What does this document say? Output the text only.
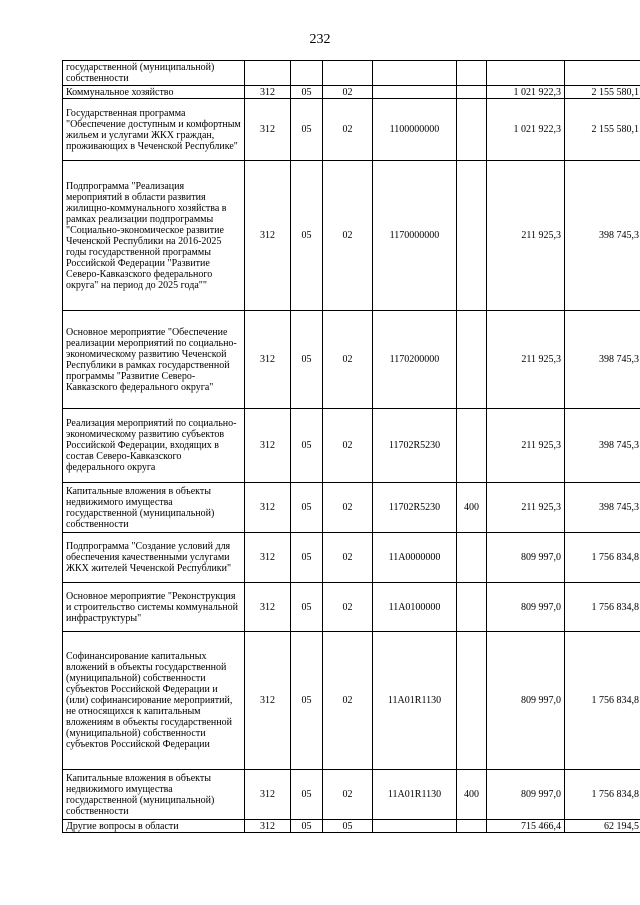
232
государственной (муниципальной) собственности							
Коммунальное хозяйство	312	05	02			1 021 922,3	2 155 580,1
Государственная программа "Обеспечение доступным и комфортным жильем и услугами ЖКХ граждан, проживающих в Чеченской Республике"	312	05	02	1100000000		1 021 922,3	2 155 580,1
Подпрограмма "Реализация мероприятий в области развития жилищно-коммунального хозяйства в рамках реализации подпрограммы "Социально-экономическое развитие Чеченской Республики на 2016-2025 годы государственной программы Российской Федерации "Развитие Северо-Кавказского федерального округа" на период до 2025 года""	312	05	02	1170000000		211 925,3	398 745,3
Основное мероприятие "Обеспечение реализации мероприятий по социально-экономическому развитию Чеченской Республики в рамках государственной программы "Развитие Северо-Кавказского федерального округа"	312	05	02	1170200000		211 925,3	398 745,3
Реализация мероприятий по социально-экономическому развитию субъектов Российской Федерации, входящих в состав Северо-Кавказского федерального округа	312	05	02	11702R5230		211 925,3	398 745,3
Капитальные вложения в объекты недвижимого имущества государственной (муниципальной) собственности	312	05	02	11702R5230	400	211 925,3	398 745,3
Подпрограмма "Создание условий для обеспечения качественными услугами ЖКХ жителей Чеченской Республики"	312	05	02	11А0000000		809 997,0	1 756 834,8
Основное мероприятие "Реконструкция и строительство системы коммунальной инфраструктуры"	312	05	02	11А0100000		809 997,0	1 756 834,8
Софинансирование капитальных вложений в объекты государственной (муниципальной) собственности субъектов Российской Федерации и (или) софинансирование мероприятий, не относящихся к капитальным вложениям в объекты государственной (муниципальной) собственности субъектов Российской Федерации	312	05	02	11А01R1130		809 997,0	1 756 834,8
Капитальные вложения в объекты недвижимого имущества государственной (муниципальной) собственности	312	05	02	11А01R1130	400	809 997,0	1 756 834,8
Другие вопросы в области	312	05	05			715 466,4	62 194,5
